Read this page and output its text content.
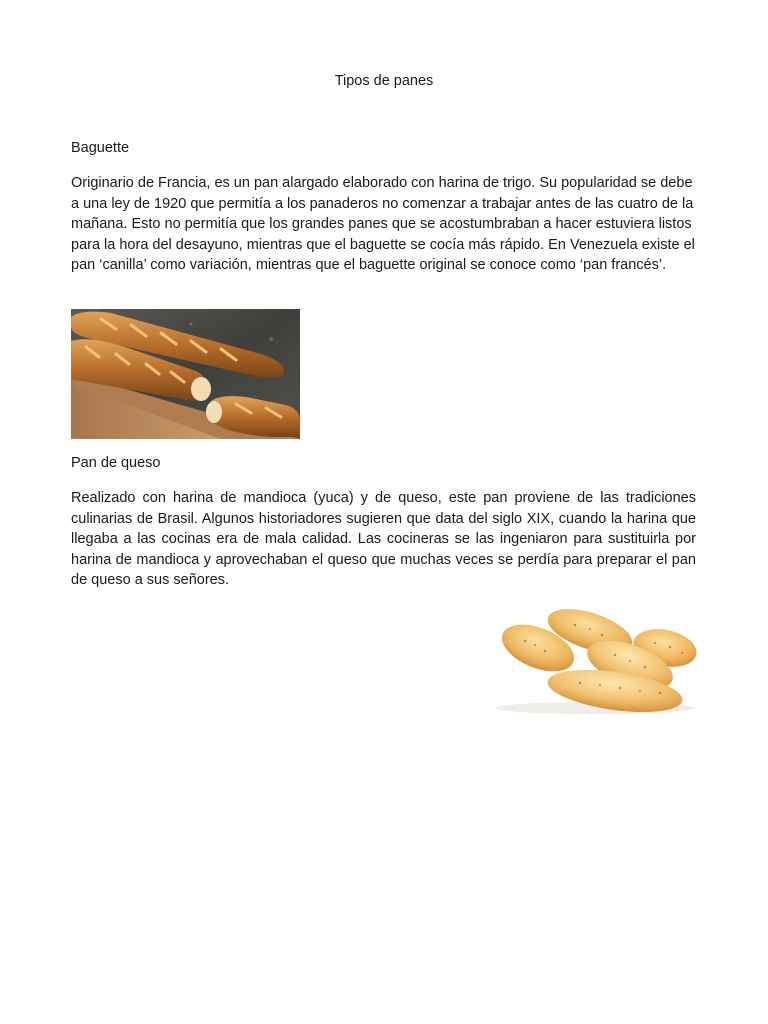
Tipos de panes
Baguette

Originario de Francia, es un pan alargado elaborado con harina de trigo. Su popularidad se debe a una ley de 1920 que permitía a los panaderos no comenzar a trabajar antes de las cuatro de la mañana. Esto no permitía que los grandes panes que se acostumbraban a hacer estuviera listos para la hora del desayuno, mientras que el baguette se cocía más rápido. En Venezuela existe el pan ‘canilla’ como variación, mientras que el baguette original se conoce como ‘pan francés’.

Pan de queso

Realizado con harina de mandioca (yuca) y de queso, este pan proviene de las tradiciones culinarias de Brasil. Algunos historiadores sugieren que data del siglo XIX, cuando la harina que llegaba a las cocinas era de mala calidad. Las cocineras se las ingeniaron para sustituirla por harina de mandioca y aprovechaban el queso que muchas veces se perdía para preparar el pan de queso a sus señores.
